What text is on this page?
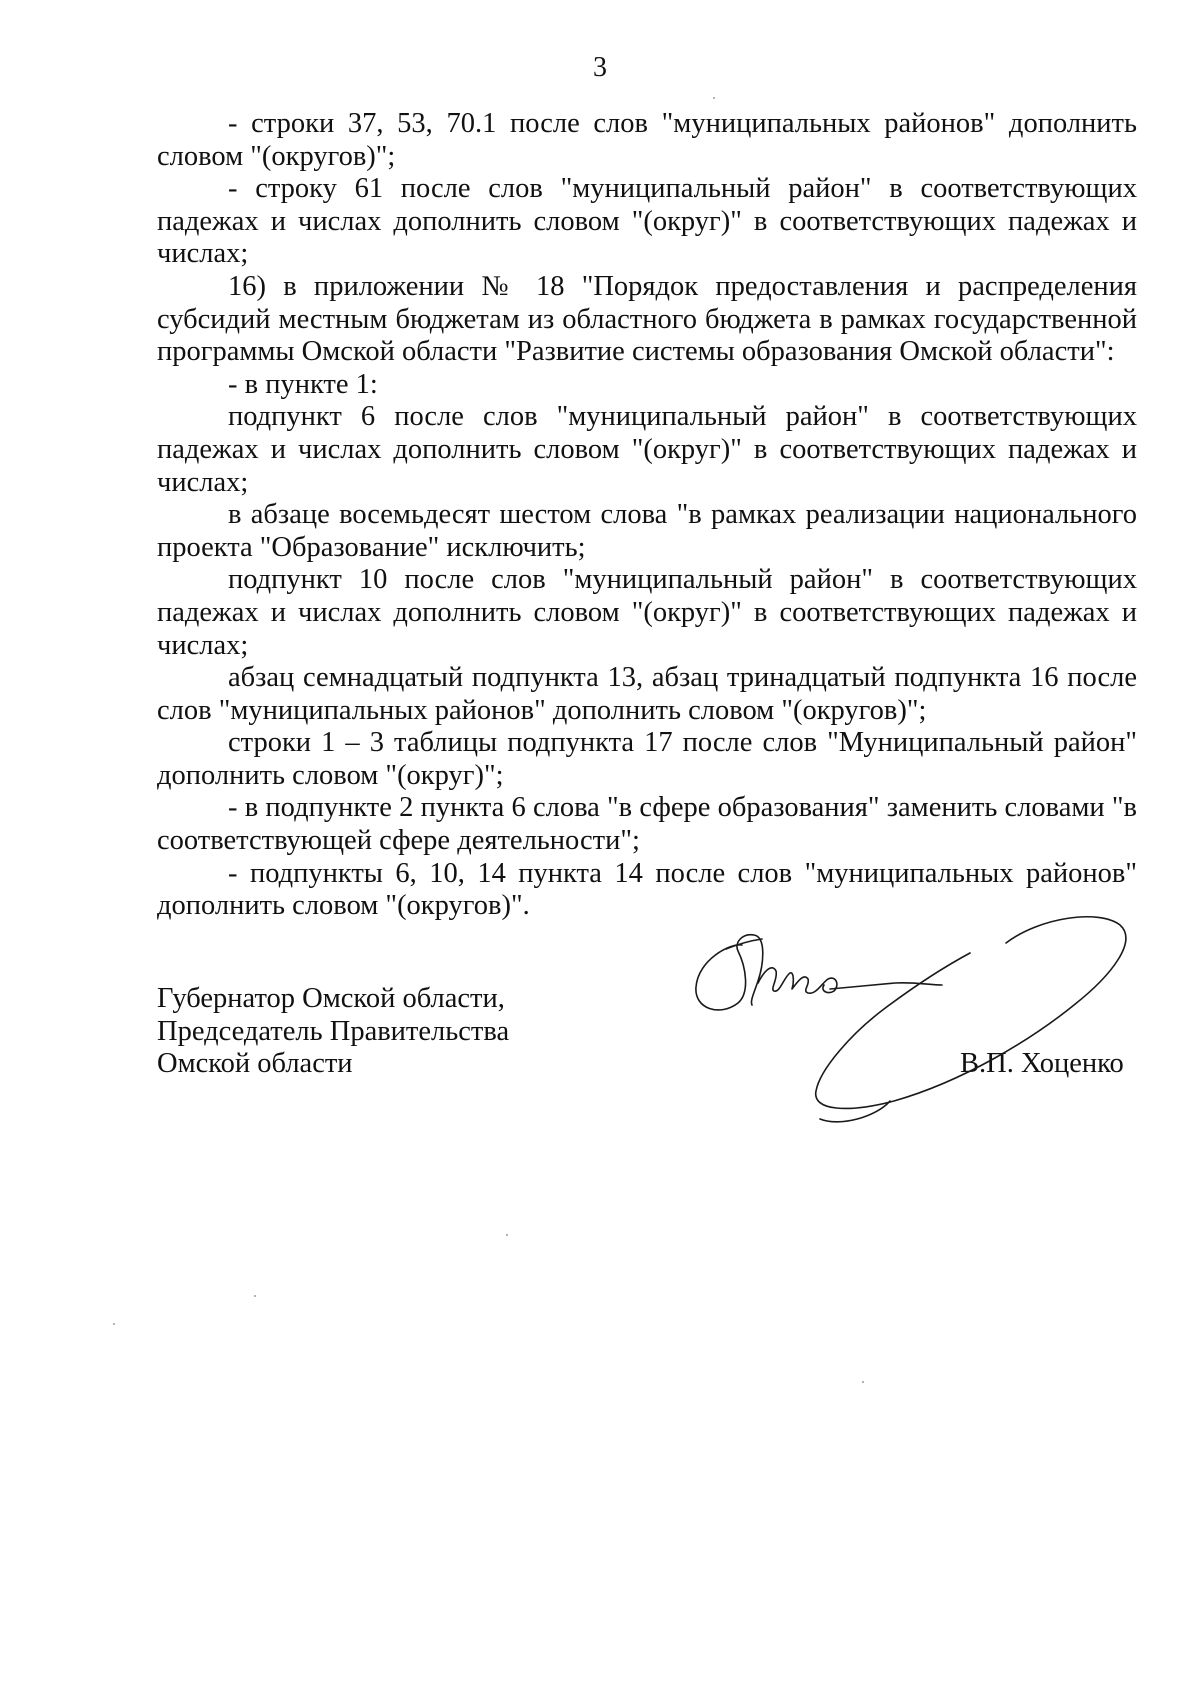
3

- строки 37, 53, 70.1 после слов "муниципальных районов" дополнить словом "(округов)";

- строку 61 после слов "муниципальный район" в соответствующих падежах и числах дополнить словом "(округ)" в соответствующих падежах и числах;

16) в приложении № 18 "Порядок предоставления и распределения субсидий местным бюджетам из областного бюджета в рамках государственной программы Омской области "Развитие системы образования Омской области":

- в пункте 1:

подпункт 6 после слов "муниципальный район" в соответствующих падежах и числах дополнить словом "(округ)" в соответствующих падежах и числах;

в абзаце восемьдесят шестом слова "в рамках реализации национального проекта "Образование" исключить;

подпункт 10 после слов "муниципальный район" в соответствующих падежах и числах дополнить словом "(округ)" в соответствующих падежах и числах;

абзац семнадцатый подпункта 13, абзац тринадцатый подпункта 16 после слов "муниципальных районов" дополнить словом "(округов)";

строки 1 – 3 таблицы подпункта 17 после слов "Муниципальный район" дополнить словом "(округ)";

- в подпункте 2 пункта 6 слова "в сфере образования" заменить словами "в соответствующей сфере деятельности";

- подпункты 6, 10, 14 пункта 14 после слов "муниципальных районов" дополнить словом "(округов)".

Губернатор Омской области,
Председатель Правительства
Омской области	В.П. Хоценко
